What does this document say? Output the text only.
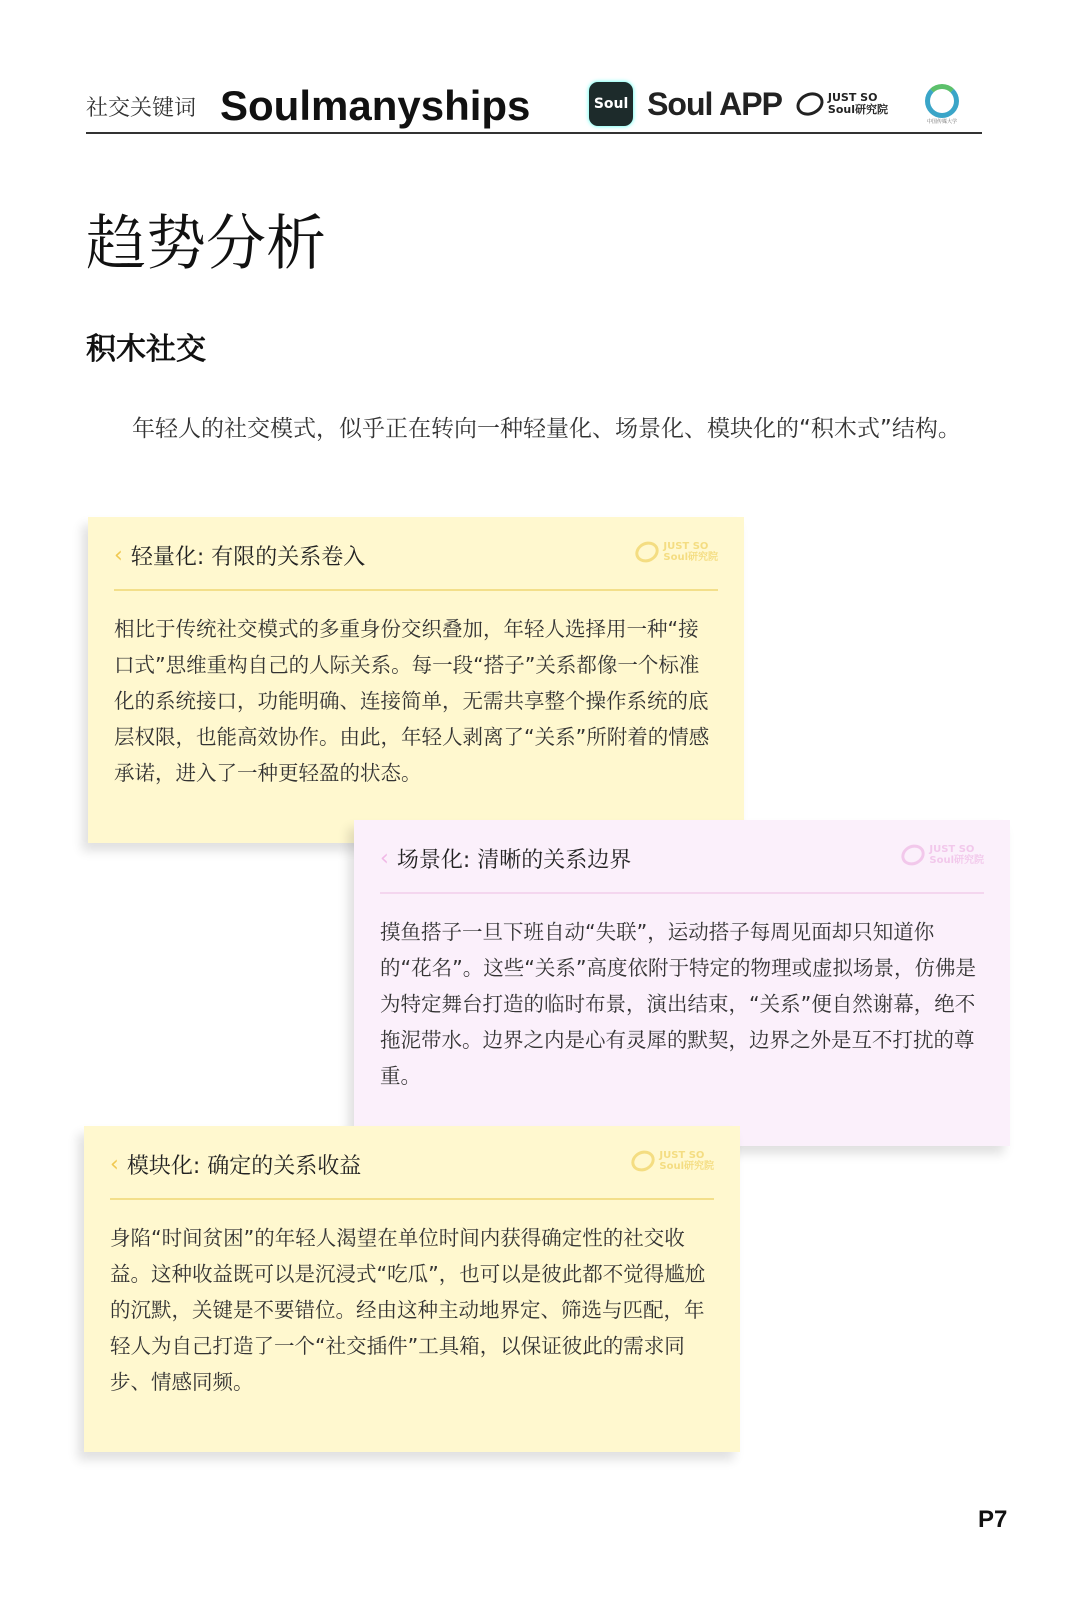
社交关键词 Soulmanyships	Soul Soul APP	JUST SO
Soul研究院
中国传媒大学
趋势分析
积木社交

年轻人的社交模式，似乎正在转向一种轻量化、场景化、模块化的“积木式”结构。

‹ 轻量化: 有限的关系卷入	JUST SO
Soul研究院

相比于传统社交模式的多重身份交织叠加，年轻人选择用一种“接口式”思维重构自己的人际关系。每一段“搭子”关系都像一个标准化的系统接口，功能明确、连接简单，无需共享整个操作系统的底层权限，也能高效协作。由此，年轻人剥离了“关系”所附着的情感承诺，进入了一种更轻盈的状态。

‹ 场景化: 清晰的关系边界	JUST SO
Soul研究院

摸鱼搭子一旦下班自动“失联”，运动搭子每周见面却只知道你的“花名”。这些“关系”高度依附于特定的物理或虚拟场景，仿佛是为特定舞台打造的临时布景，演出结束，“关系”便自然谢幕，绝不拖泥带水。边界之内是心有灵犀的默契，边界之外是互不打扰的尊重。

‹ 模块化: 确定的关系收益	JUST SO
Soul研究院

身陷“时间贫困”的年轻人渴望在单位时间内获得确定性的社交收益。这种收益既可以是沉浸式“吃瓜”，也可以是彼此都不觉得尴尬的沉默，关键是不要错位。经由这种主动地界定、筛选与匹配，年轻人为自己打造了一个“社交插件”工具箱，以保证彼此的需求同步、情感同频。

P7
